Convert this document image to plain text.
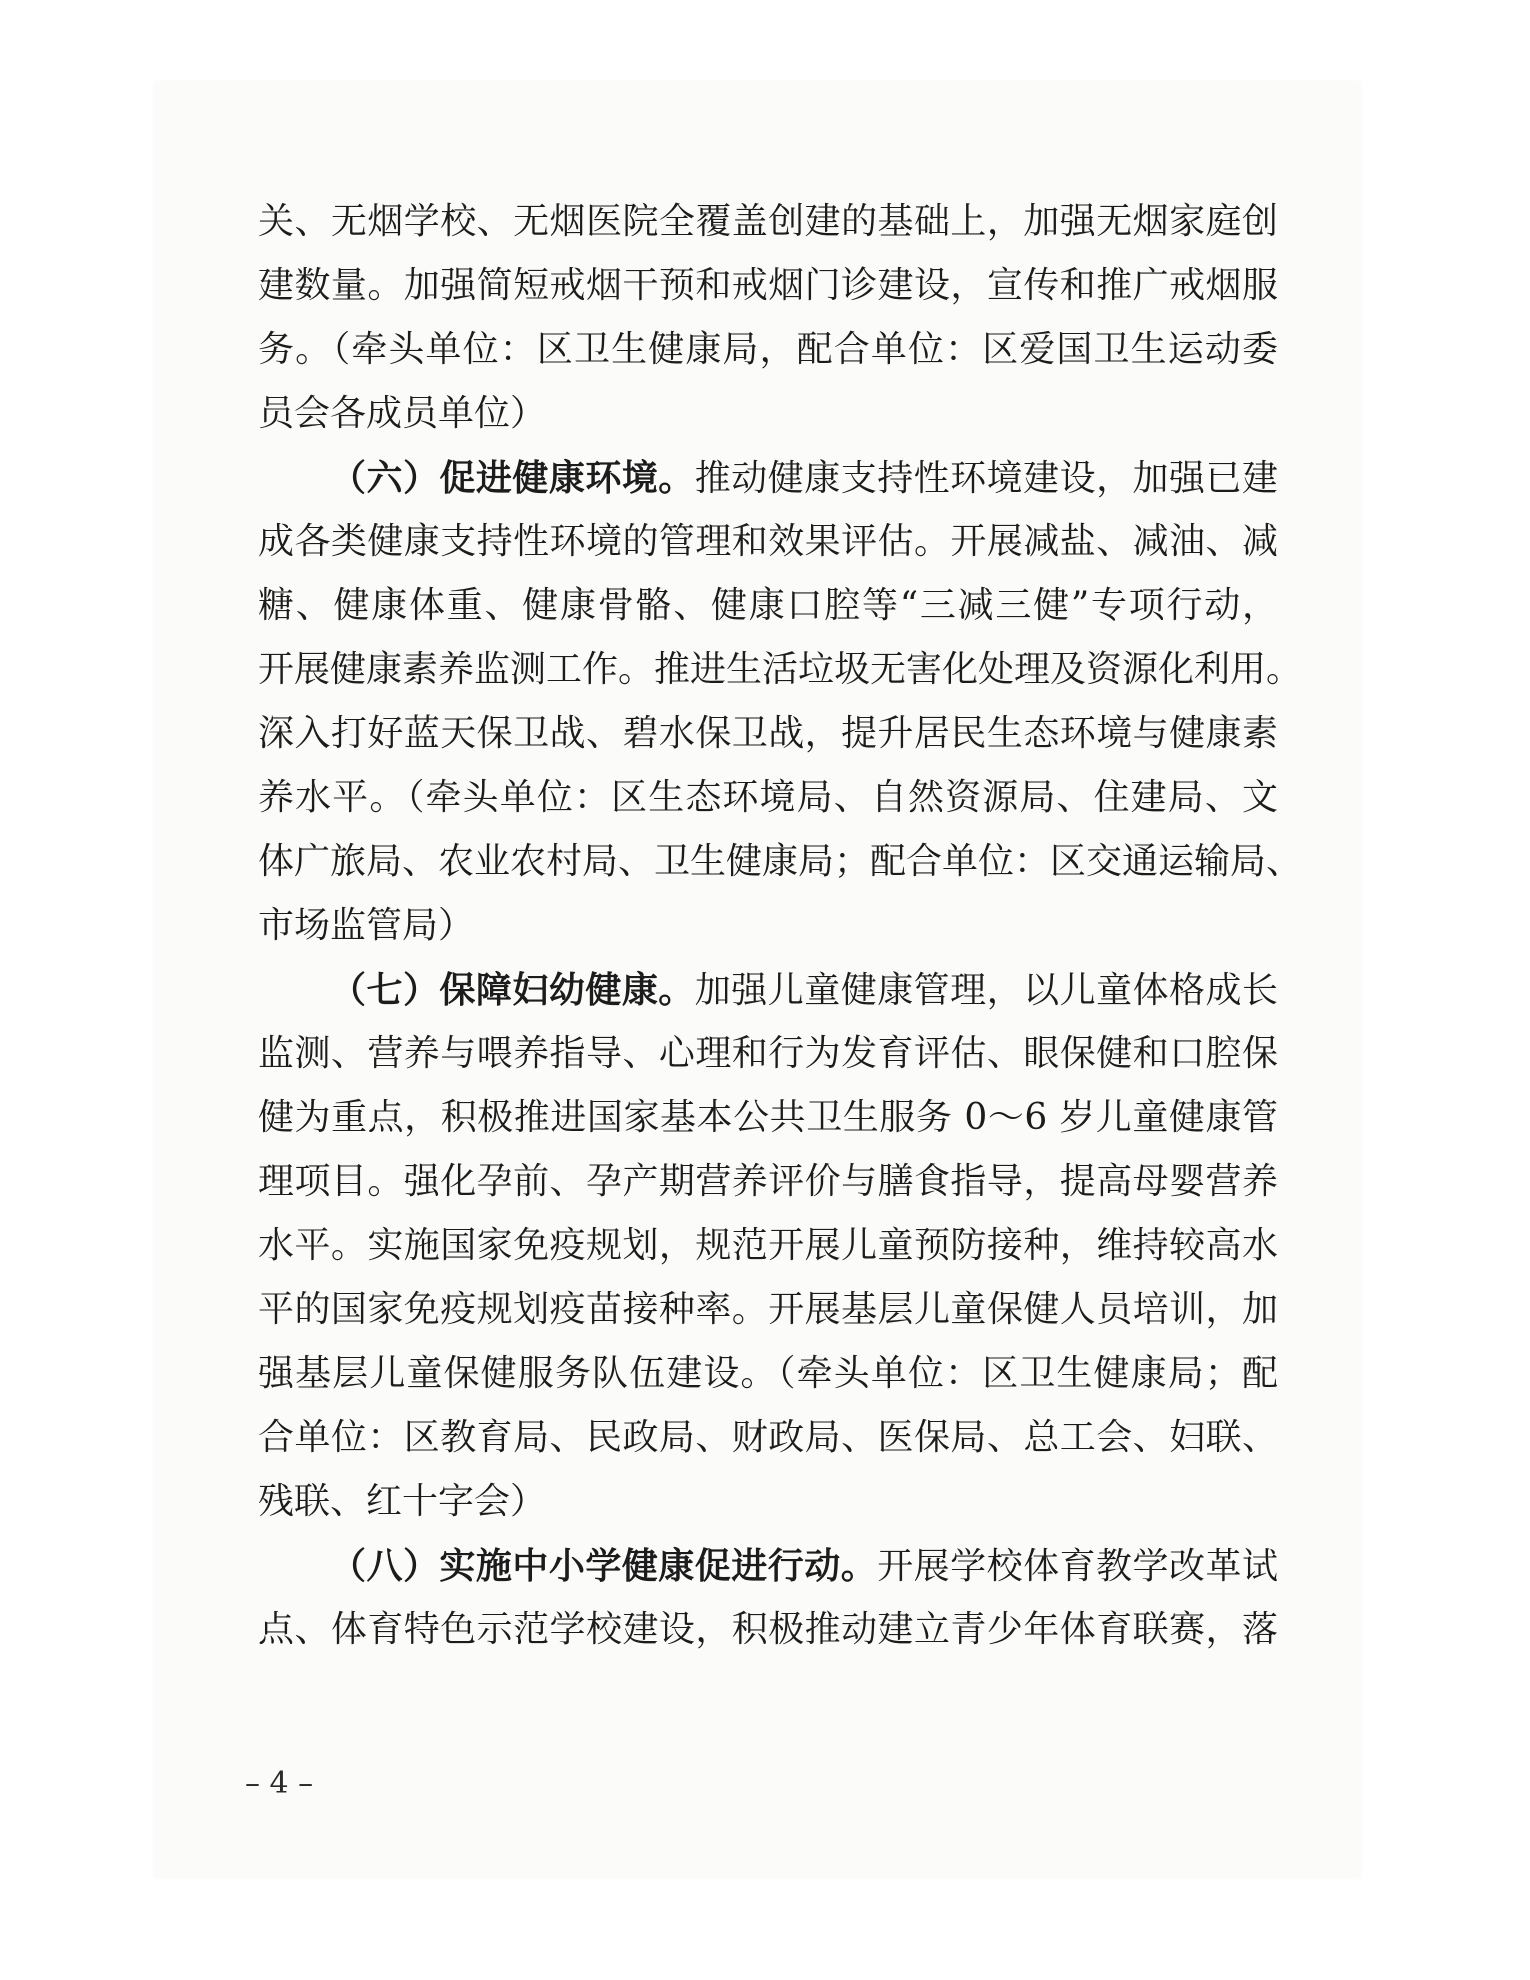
关、无烟学校、无烟医院全覆盖创建的基础上，加强无烟家庭创
建数量。加强简短戒烟干预和戒烟门诊建设，宣传和推广戒烟服
务。（牵头单位：区卫生健康局，配合单位：区爱国卫生运动委
员会各成员单位）
（六）促进健康环境。推动健康支持性环境建设，加强已建
成各类健康支持性环境的管理和效果评估。开展减盐、减油、减
糖、健康体重、健康骨骼、健康口腔等“三减三健”专项行动，
开展健康素养监测工作。推进生活垃圾无害化处理及资源化利用。
深入打好蓝天保卫战、碧水保卫战，提升居民生态环境与健康素
养水平。（牵头单位：区生态环境局、自然资源局、住建局、文
体广旅局、农业农村局、卫生健康局；配合单位：区交通运输局、
市场监管局）
（七）保障妇幼健康。加强儿童健康管理，以儿童体格成长
监测、营养与喂养指导、心理和行为发育评估、眼保健和口腔保
健为重点，积极推进国家基本公共卫生服务 0～6 岁儿童健康管
理项目。强化孕前、孕产期营养评价与膳食指导，提高母婴营养
水平。实施国家免疫规划，规范开展儿童预防接种，维持较高水
平的国家免疫规划疫苗接种率。开展基层儿童保健人员培训，加
强基层儿童保健服务队伍建设。（牵头单位：区卫生健康局；配
合单位：区教育局、民政局、财政局、医保局、总工会、妇联、
残联、红十字会）
（八）实施中小学健康促进行动。开展学校体育教学改革试
点、体育特色示范学校建设，积极推动建立青少年体育联赛，落
– 4 –
